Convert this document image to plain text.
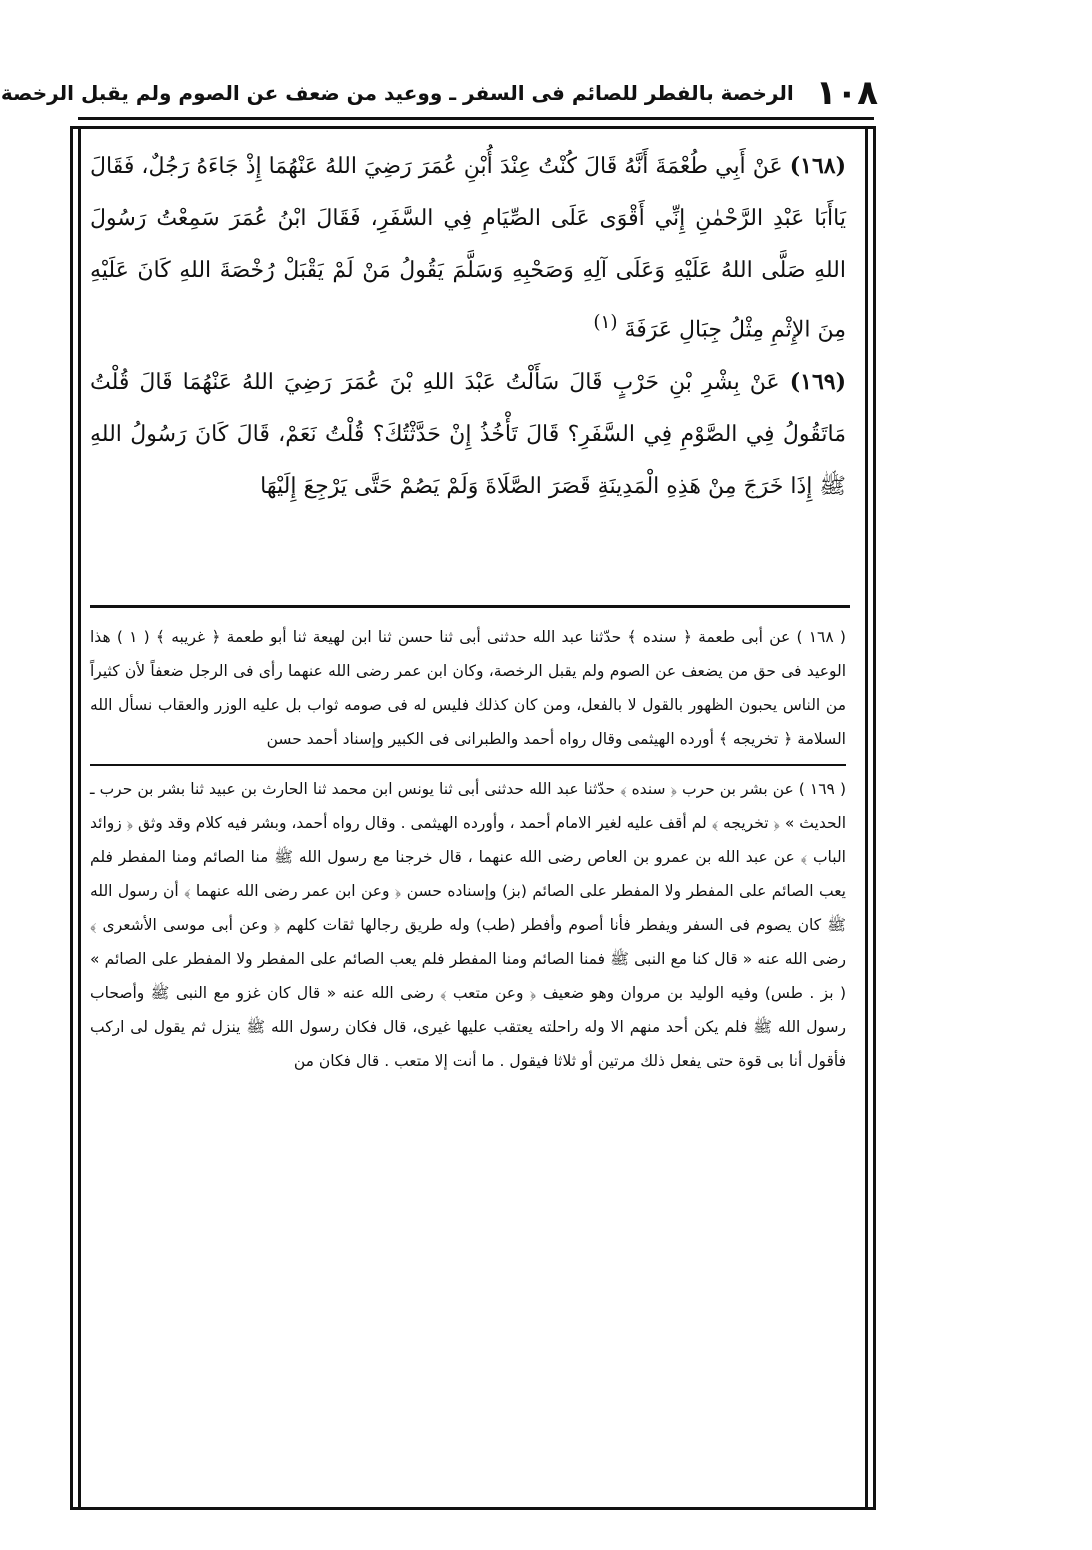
١٠٨
الرخصة بالفطر للصائم فى السفر ـ ووعيد من ضعف عن الصوم ولم يقبل الرخصة

(١٦٨) عَنْ أَبِي طُعْمَةَ أَنَّهُ قَالَ كُنْتُ عِنْدَ أُبْنِ عُمَرَ رَضِيَ اللهُ عَنْهُمَا إِذْ جَاءَهُ رَجُلٌ، فَقَالَ يَاأَبَا عَبْدِ الرَّحْمٰنِ إِنِّي أَقْوَى عَلَى الصِّيَامِ فِي السَّفَرِ، فَقَالَ ابْنُ عُمَرَ سَمِعْتُ رَسُولَ اللهِ صَلَّى اللهُ عَلَيْهِ وَعَلَى آلِهِ وَصَحْبِهِ وَسَلَّمَ يَقُولُ مَنْ لَمْ يَقْبَلْ رُخْصَةَ اللهِ كَانَ عَلَيْهِ مِنَ الإِثْمِ مِثْلُ جِبَالِ عَرَفَةَ $^{(١)}$

(١٦٩) عَنْ بِشْرِ بْنِ حَرْبٍ قَالَ سَأَلْتُ عَبْدَ اللهِ بْنَ عُمَرَ رَضِيَ اللهُ عَنْهُمَا قَالَ قُلْتُ مَاتَقُولُ فِي الصَّوْمِ فِي السَّفَرِ؟ قَالَ تَأْخُذُ إِنْ حَدَّثْتُكَ؟ قُلْتُ نَعَمْ، قَالَ كَانَ رَسُولُ اللهِ ﷺ إِذَا خَرَجَ مِنْ هَذِهِ الْمَدِينَةِ قَصَرَ الصَّلَاةَ وَلَمْ يَصُمْ حَتَّى يَرْجِعَ إِلَيْهَا

( ١٦٨ ) عن أبى طعمة ﴿ سنده ﴾ حدّثنا عبد الله حدثنى أبى ثنا حسن ثنا ابن لهيعة ثنا أبو طعمة ﴿ غريبه ﴾ ( ١ ) هذا الوعيد فى حق من يضعف عن الصوم ولم يقبل الرخصة، وكان ابن عمر رضى الله عنهما رأى فى الرجل ضعفاً لأن كثيراً من الناس يحبون الظهور بالقول لا بالفعل، ومن كان كذلك فليس له فى صومه ثواب بل عليه الوزر والعقاب نسأل الله السلامة ﴿ تخريجه ﴾ أورده الهيثمى وقال رواه أحمد والطبرانى فى الكبير وإسناد أحمد حسن

( ١٦٩ ) عن بشر بن حرب ﴿ سنده ﴾ حدّثنا عبد الله حدثنى أبى ثنا يونس ابن محمد ثنا الحارث بن عبيد ثنا بشر بن حرب ـ الحديث » ﴿ تخريجه ﴾ لم أقف عليه لغير الامام أحمد ، وأورده الهيثمى . وقال رواه أحمد، وبشر فيه كلام وقد وثق ﴿ زوائد الباب ﴾ عن عبد الله بن عمرو بن العاص رضى الله عنهما ، قال خرجنا مع رسول الله ﷺ منا الصائم ومنا المفطر فلم يعب الصائم على المفطر ولا المفطر على الصائم (بز) وإسناده حسن ﴿ وعن ابن عمر رضى الله عنهما ﴾ أن رسول الله ﷺ كان يصوم فى السفر ويفطر فأنا أصوم وأفطر (طب) وله طريق رجالها ثقات كلهم ﴿ وعن أبى موسى الأشعرى ﴾ رضى الله عنه « قال كنا مع النبى ﷺ فمنا الصائم ومنا المفطر فلم يعب الصائم على المفطر ولا المفطر على الصائم » ( بز . طس) وفيه الوليد بن مروان وهو ضعيف ﴿ وعن متعب ﴾ رضى الله عنه « قال كان غزو مع النبى ﷺ وأصحاب رسول الله ﷺ فلم يكن أحد منهم الا وله راحلته يعتقب عليها غيرى، قال فكان رسول الله ﷺ ينزل ثم يقول لى اركب فأقول أنا بى قوة حتى يفعل ذلك مرتين أو ثلاثا فيقول . ما أنت إلا متعب . قال فكان من
